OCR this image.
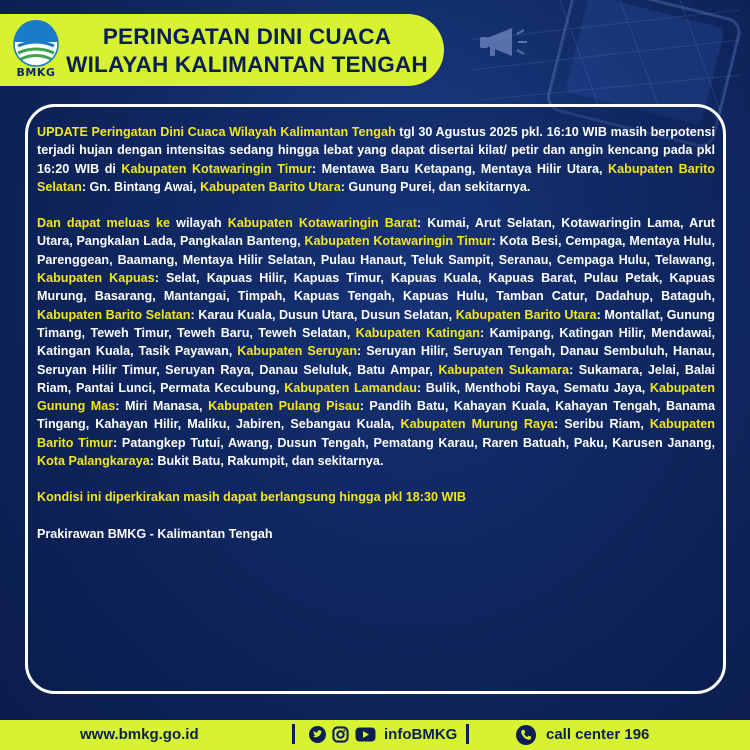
BMKG
PERINGATAN DINI CUACA
WILAYAH KALIMANTAN TENGAH

UPDATE Peringatan Dini Cuaca Wilayah Kalimantan Tengah tgl 30 Agustus 2025 pkl. 16:10 WIB masih berpotensi terjadi hujan dengan intensitas sedang hingga lebat yang dapat disertai kilat/ petir dan angin kencang pada pkl 16:20 WIB di Kabupaten Kotawaringin Timur: Mentawa Baru Ketapang, Mentaya Hilir Utara, Kabupaten Barito Selatan: Gn. Bintang Awai, Kabupaten Barito Utara: Gunung Purei, dan sekitarnya.

Dan dapat meluas ke wilayah Kabupaten Kotawaringin Barat: Kumai, Arut Selatan, Kotawaringin Lama, Arut Utara, Pangkalan Lada, Pangkalan Banteng, Kabupaten Kotawaringin Timur: Kota Besi, Cempaga, Mentaya Hulu, Parenggean, Baamang, Mentaya Hilir Selatan, Pulau Hanaut, Teluk Sampit, Seranau, Cempaga Hulu, Telawang, Kabupaten Kapuas: Selat, Kapuas Hilir, Kapuas Timur, Kapuas Kuala, Kapuas Barat, Pulau Petak, Kapuas Murung, Basarang, Mantangai, Timpah, Kapuas Tengah, Kapuas Hulu, Tamban Catur, Dadahup, Bataguh, Kabupaten Barito Selatan: Karau Kuala, Dusun Utara, Dusun Selatan, Kabupaten Barito Utara: Montallat, Gunung Timang, Teweh Timur, Teweh Baru, Teweh Selatan, Kabupaten Katingan: Kamipang, Katingan Hilir, Mendawai, Katingan Kuala, Tasik Payawan, Kabupaten Seruyan: Seruyan Hilir, Seruyan Tengah, Danau Sembuluh, Hanau, Seruyan Hilir Timur, Seruyan Raya, Danau Seluluk, Batu Ampar, Kabupaten Sukamara: Sukamara, Jelai, Balai Riam, Pantai Lunci, Permata Kecubung, Kabupaten Lamandau: Bulik, Menthobi Raya, Sematu Jaya, Kabupaten Gunung Mas: Miri Manasa, Kabupaten Pulang Pisau: Pandih Batu, Kahayan Kuala, Kahayan Tengah, Banama Tingang, Kahayan Hilir, Maliku, Jabiren, Sebangau Kuala, Kabupaten Murung Raya: Seribu Riam, Kabupaten Barito Timur: Patangkep Tutui, Awang, Dusun Tengah, Pematang Karau, Raren Batuah, Paku, Karusen Janang, Kota Palangkaraya: Bukit Batu, Rakumpit, dan sekitarnya.

Kondisi ini diperkirakan masih dapat berlangsung hingga pkl 18:30 WIB

Prakirawan BMKG - Kalimantan Tengah

www.bmkg.go.id	infoBMKG	call center 196
